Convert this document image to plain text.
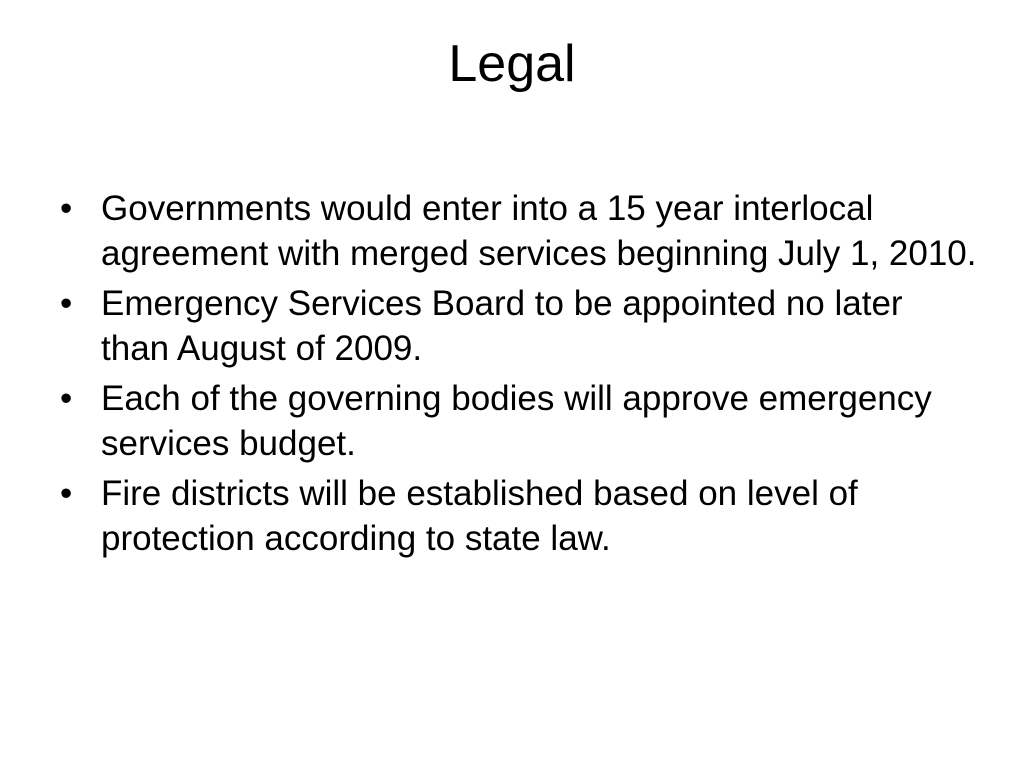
Legal
• Governments would enter into a 15 year interlocal agreement with merged services beginning July 1, 2010.
• Emergency Services Board to be appointed no later than August of 2009.
• Each of the governing bodies will approve emergency services budget.
• Fire districts will be established based on level of protection according to state law.
